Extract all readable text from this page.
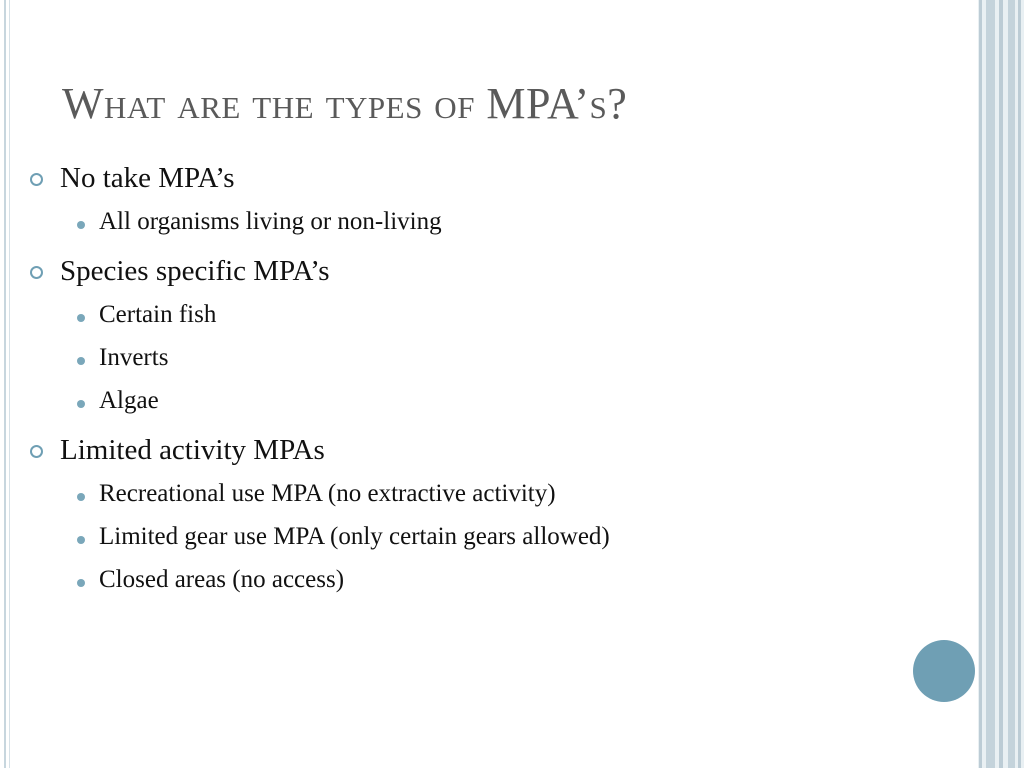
What are the types of MPA’s?
No take MPA’s
All organisms living or non-living
Species specific MPA’s
Certain fish
Inverts
Algae
Limited activity MPAs
Recreational use MPA (no extractive activity)
Limited gear use MPA (only certain gears allowed)
Closed areas (no access)
